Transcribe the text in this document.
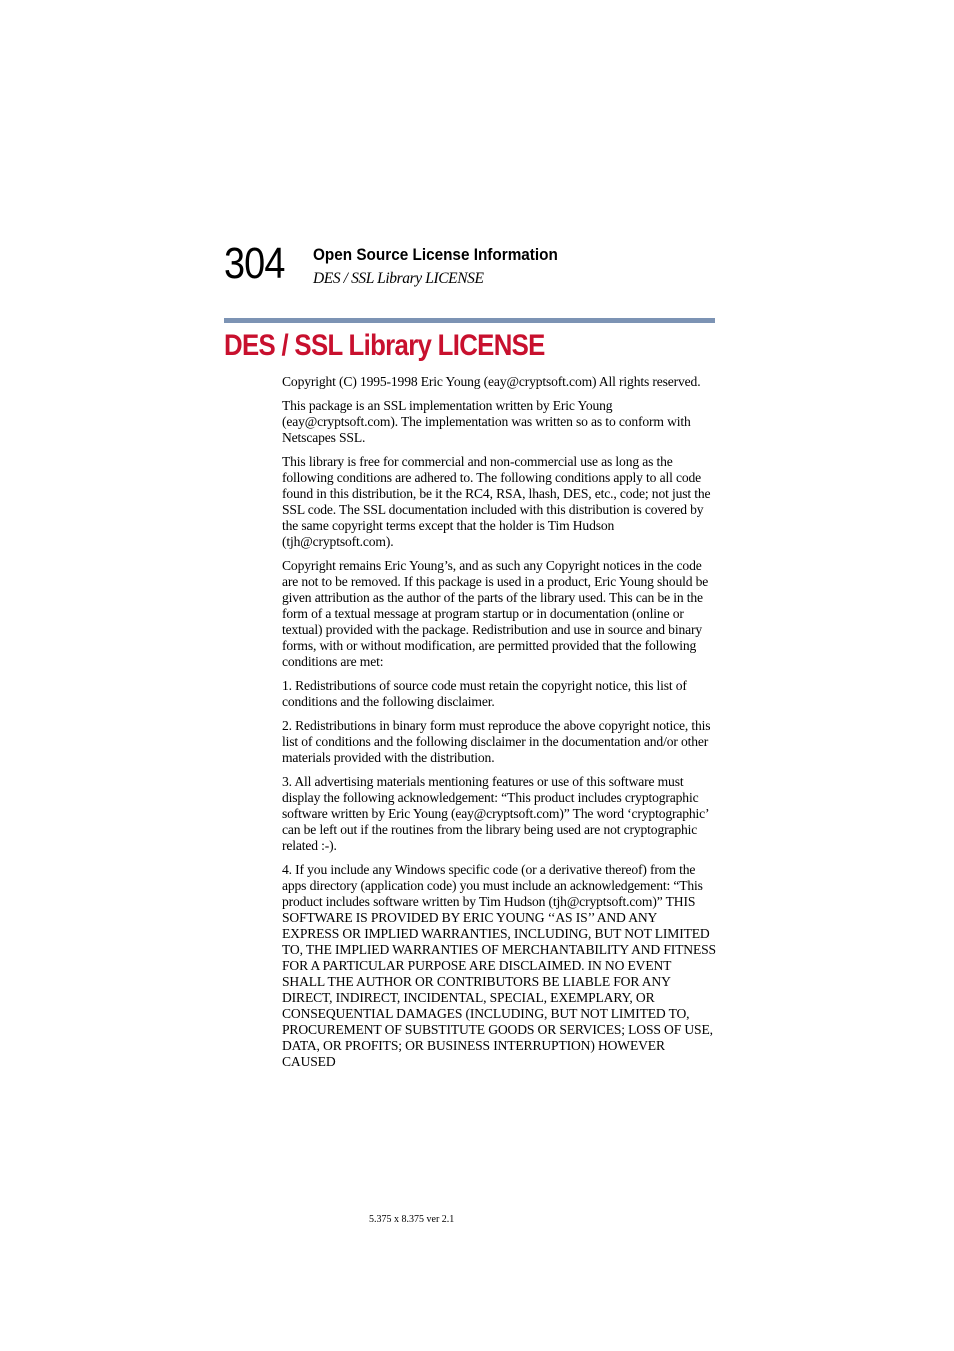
304 Open Source License Information
DES / SSL Library LICENSE
DES / SSL Library LICENSE

Copyright (C) 1995-1998 Eric Young (eay@cryptsoft.com) All rights reserved.

This package is an SSL implementation written by Eric Young (eay@cryptsoft.com). The implementation was written so as to conform with Netscapes SSL.

This library is free for commercial and non-commercial use as long as the following conditions are adhered to. The following conditions apply to all code found in this distribution, be it the RC4, RSA, lhash, DES, etc., code; not just the SSL code. The SSL documentation included with this distribution is covered by the same copyright terms except that the holder is Tim Hudson (tjh@cryptsoft.com).

Copyright remains Eric Young’s, and as such any Copyright notices in the code are not to be removed. If this package is used in a product, Eric Young should be given attribution as the author of the parts of the library used. This can be in the form of a textual message at program startup or in documentation (online or textual) provided with the package. Redistribution and use in source and binary forms, with or without modification, are permitted provided that the following conditions are met:

1. Redistributions of source code must retain the copyright notice, this list of conditions and the following disclaimer.

2. Redistributions in binary form must reproduce the above copyright notice, this list of conditions and the following disclaimer in the documentation and/or other materials provided with the distribution.

3. All advertising materials mentioning features or use of this software must display the following acknowledgement: “This product includes cryptographic software written by Eric Young (eay@cryptsoft.com)” The word ‘cryptographic’ can be left out if the routines from the library being used are not cryptographic related :-).

4. If you include any Windows specific code (or a derivative thereof) from the apps directory (application code) you must include an acknowledgement: “This product includes software written by Tim Hudson (tjh@cryptsoft.com)” THIS SOFTWARE IS PROVIDED BY ERIC YOUNG ‘‘AS IS’’ AND ANY EXPRESS OR IMPLIED WARRANTIES, INCLUDING, BUT NOT LIMITED TO, THE IMPLIED WARRANTIES OF MERCHANTABILITY AND FITNESS FOR A PARTICULAR PURPOSE ARE DISCLAIMED. IN NO EVENT SHALL THE AUTHOR OR CONTRIBUTORS BE LIABLE FOR ANY DIRECT, INDIRECT, INCIDENTAL, SPECIAL, EXEMPLARY, OR CONSEQUENTIAL DAMAGES (INCLUDING, BUT NOT LIMITED TO, PROCUREMENT OF SUBSTITUTE GOODS OR SERVICES; LOSS OF USE, DATA, OR PROFITS; OR BUSINESS INTERRUPTION) HOWEVER CAUSED

5.375 x 8.375 ver 2.1
